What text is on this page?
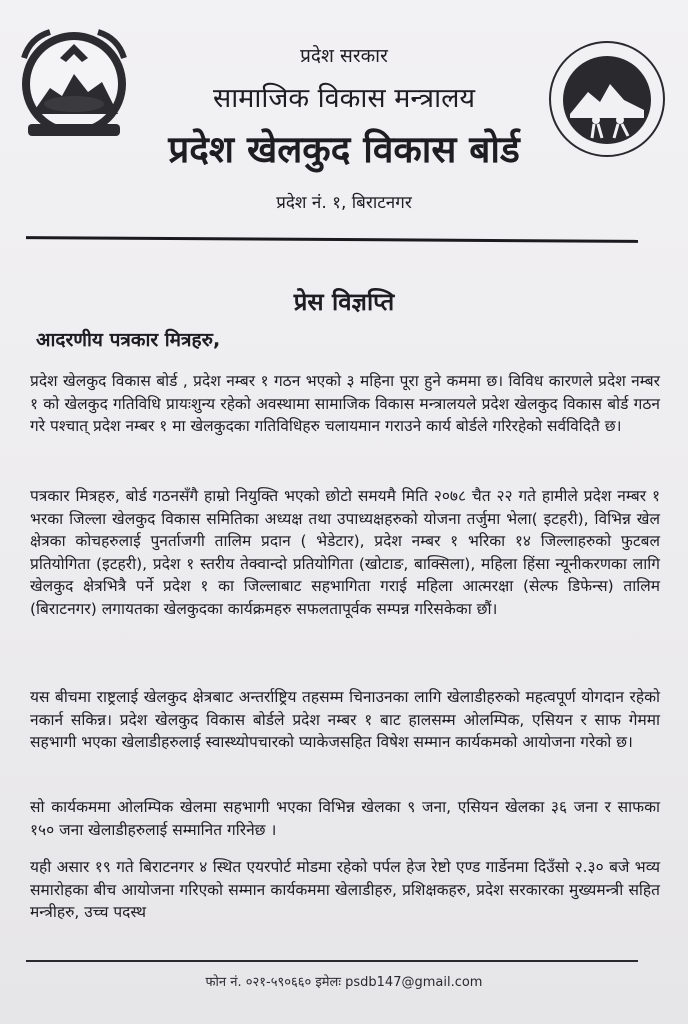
प्रदेश सरकार
सामाजिक विकास मन्त्रालय
प्रदेश खेलकुद विकास बोर्ड
प्रदेश नं. १, बिराटनगर
प्रेस विज्ञप्ति
आदरणीय पत्रकार मित्रहरु,
प्रदेश खेलकुद विकास बोर्ड , प्रदेश नम्बर १ गठन भएको ३ महिना पूरा हुने कममा छ। विविध कारणले प्रदेश नम्बर १ को खेलकुद गतिविधि प्रायःशुन्य रहेको अवस्थामा सामाजिक विकास मन्त्रालयले प्रदेश खेलकुद विकास बोर्ड गठन गरे पश्चात् प्रदेश नम्बर १ मा खेलकुदका गतिविधिहरु चलायमान गराउने कार्य बोर्डले गरिरहेको सर्वविदितै छ।
पत्रकार मित्रहरु, बोर्ड गठनसँगै हाम्रो नियुक्ति भएको छोटो समयमै मिति २०७८ चैत २२ गते हामीले प्रदेश नम्बर १ भरका जिल्ला खेलकुद विकास समितिका अध्यक्ष तथा उपाध्यक्षहरुको योजना तर्जुमा भेला( इटहरी), विभिन्न खेल क्षेत्रका कोचहरुलाई पुनर्ताजगी तालिम प्रदान ( भेडेटार), प्रदेश नम्बर १ भरिका १४ जिल्लाहरुको फुटबल प्रतियोगिता (इटहरी), प्रदेश १ स्तरीय तेक्वान्दो प्रतियोगिता (खोटाङ, बाक्सिला), महिला हिंसा न्यूनीकरणका लागि खेलकुद क्षेत्रभित्रै पर्ने प्रदेश १ का जिल्लाबाट सहभागिता गराई महिला आत्मरक्षा (सेल्फ डिफेन्स) तालिम (बिराटनगर) लगायतका खेलकुदका कार्यक्रमहरु सफलतापूर्वक सम्पन्न गरिसकेका छौं।
यस बीचमा राष्ट्रलाई खेलकुद क्षेत्रबाट अन्तर्राष्ट्रिय तहसम्म चिनाउनका लागि खेलाडीहरुको महत्वपूर्ण योगदान रहेको नकार्न सकिन्न। प्रदेश खेलकुद विकास बोर्डले प्रदेश नम्बर १ बाट हालसम्म ओलम्पिक, एसियन र साफ गेममा सहभागी भएका खेलाडीहरुलाई स्वास्थ्योपचारको प्याकेजसहित विषेश सम्मान कार्यकमको आयोजना गरेको छ।
सो कार्यकममा ओलम्पिक खेलमा सहभागी भएका विभिन्न खेलका ९ जना, एसियन खेलका ३६ जना र साफका १५० जना खेलाडीहरुलाई सम्मानित गरिनेछ ।
यही असार १९ गते बिराटनगर ४ स्थित एयरपोर्ट मोडमा रहेको पर्पल हेज रेष्टो एण्ड गार्डेनमा दिउँसो २.३० बजे भव्य समारोहका बीच आयोजना गरिएको सम्मान कार्यकममा खेलाडीहरु, प्रशिक्षकहरु, प्रदेश सरकारका मुख्यमन्त्री सहित मन्त्रीहरु, उच्च पदस्थ
फोन नं. ०२१-५९०६६० इमेलः psdb147@gmail.com
